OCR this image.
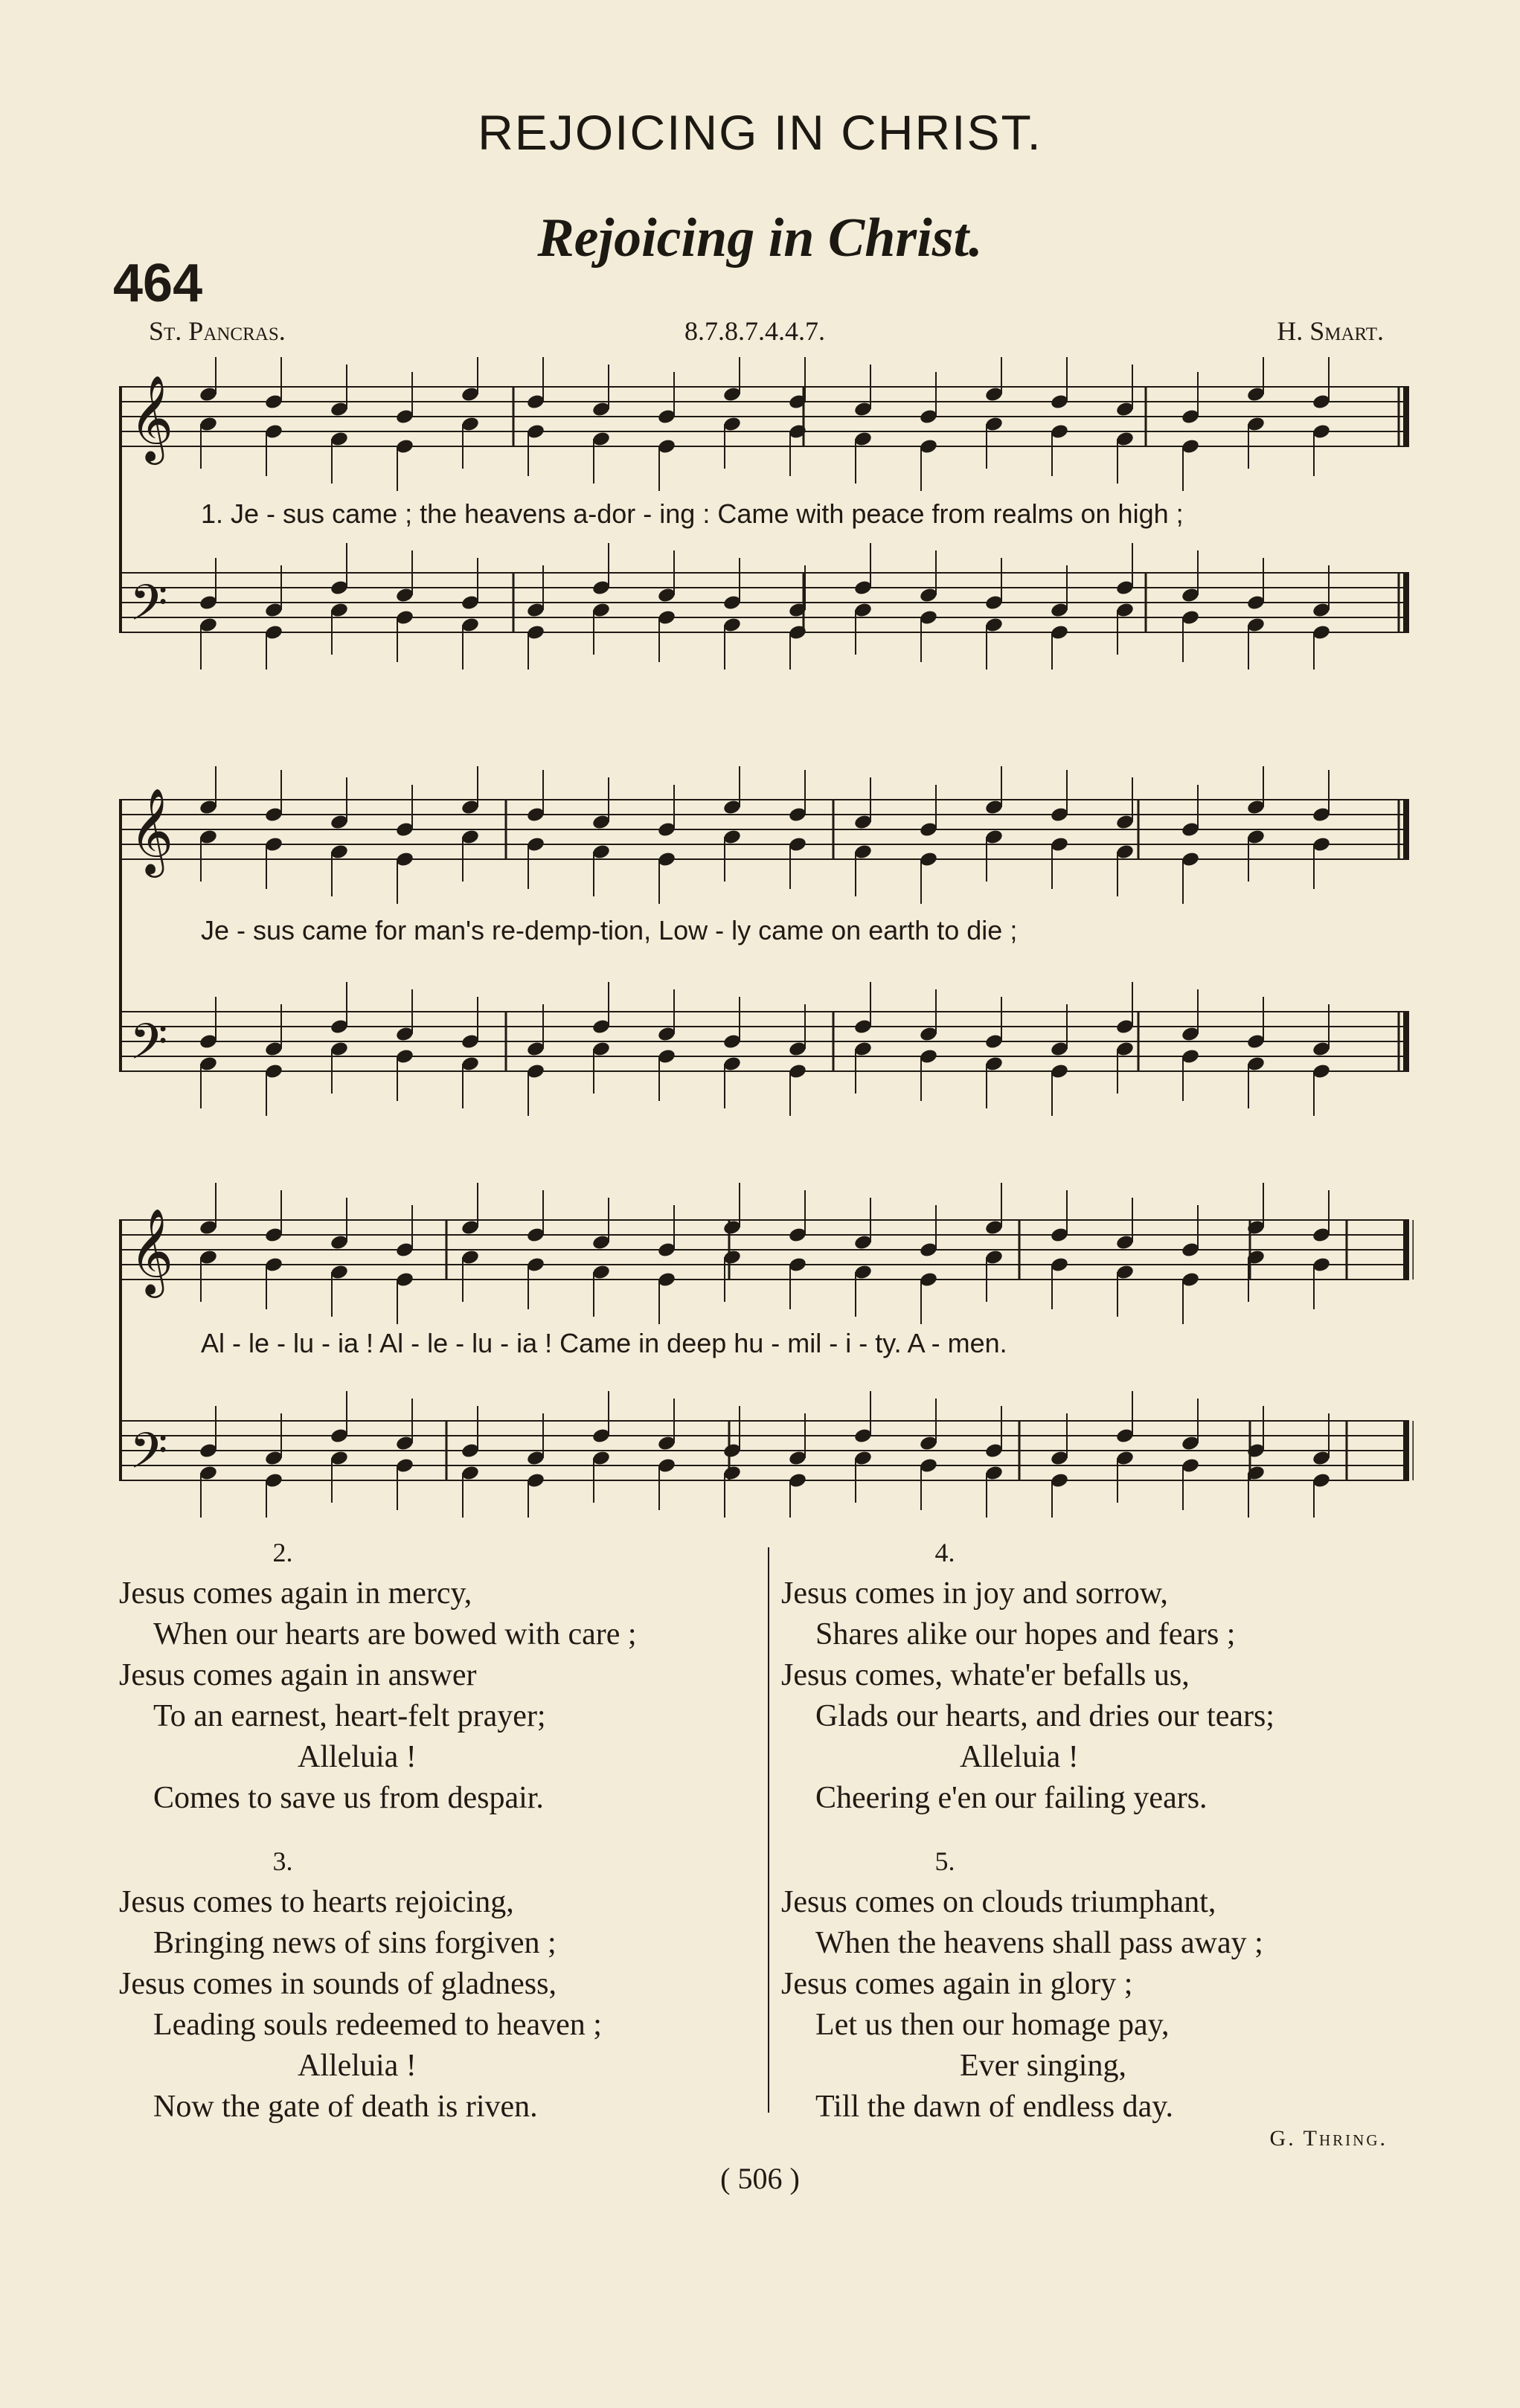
REJOICING IN CHRIST.
Rejoicing in Christ.
464
St. Pancras.	8.7.8.7.4.4.7.	H. Smart.
𝄞
𝄢
1. Je - sus came ; the heavens a-dor - ing : Came with peace from realms on high ;
𝄞
𝄢
Je - sus came for man's re-demp-tion, Low - ly came on earth to die ;
𝄞
𝄢
Al - le - lu - ia ! Al - le - lu - ia ! Came in deep hu - mil - i - ty. A - men.
2.
Jesus comes again in mercy,
When our hearts are bowed with care ;
Jesus comes again in answer
To an earnest, heart-felt prayer;
Alleluia !
Comes to save us from despair.
3.
Jesus comes to hearts rejoicing,
Bringing news of sins forgiven ;
Jesus comes in sounds of gladness,
Leading souls redeemed to heaven ;
Alleluia !
Now the gate of death is riven.
4.
Jesus comes in joy and sorrow,
Shares alike our hopes and fears ;
Jesus comes, whate'er befalls us,
Glads our hearts, and dries our tears;
Alleluia !
Cheering e'en our failing years.
5.
Jesus comes on clouds triumphant,
When the heavens shall pass away ;
Jesus comes again in glory ;
Let us then our homage pay,
Ever singing,
Till the dawn of endless day.
G. Thring.
( 506 )
